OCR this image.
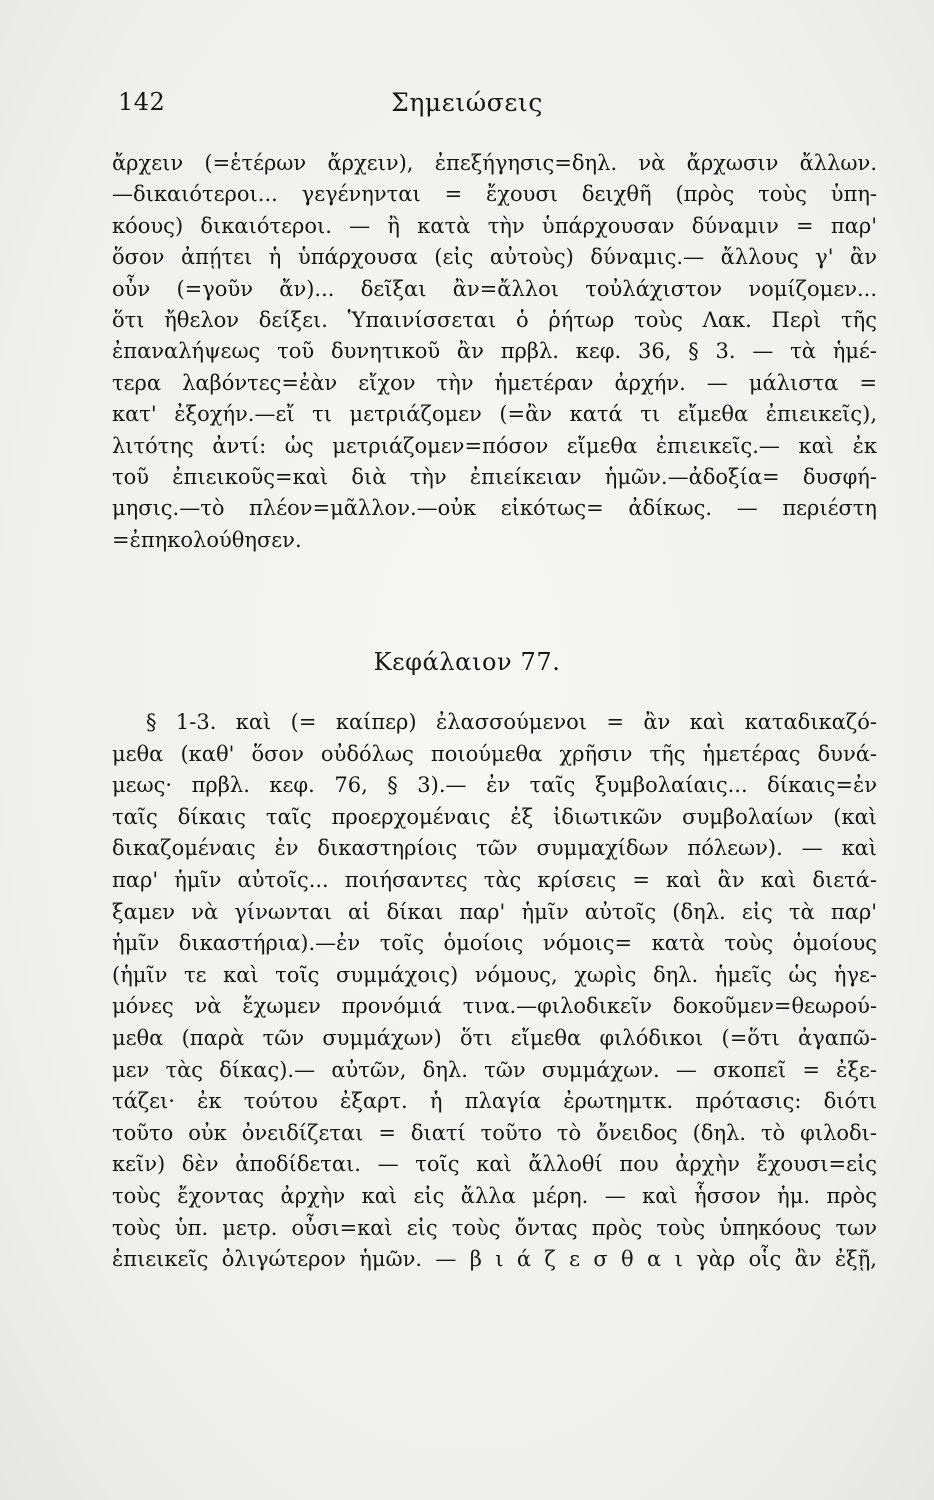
142	Σημειώσεις
ἄρχειν (=ἑτέρων ἄρχειν), ἐπεξήγησις=δηλ. νὰ ἄρχωσιν ἄλλων.
—δικαιότεροι... γεγένηνται = ἔχουσι δειχθῆ (πρὸς τοὺς ὑπη-
κόους) δικαιότεροι. — ἢ κατὰ τὴν ὑπάρχουσαν δύναμιν = παρ'
ὅσον ἀπῄτει ἡ ὑπάρχουσα (εἰς αὐτοὺς) δύναμις.— ἄλλους γ' ἂν
οὖν (=γοῦν ἄν)... δεῖξαι ἂν=ἄλλοι τοὐλάχιστον νομίζομεν...
ὅτι ἤθελον δείξει. Ὑπαινίσσεται ὁ ῥήτωρ τοὺς Λακ. Περὶ τῆς
ἐπαναλήψεως τοῦ δυνητικοῦ ἂν πρβλ. κεφ. 36, § 3. — τὰ ἡμέ-
τερα λαβόντες=ἐὰν εἴχον τὴν ἡμετέραν ἀρχήν. — μάλιστα =
κατ' ἐξοχήν.—εἴ τι μετριάζομεν (=ἂν κατά τι εἴμεθα ἐπιεικεῖς),
λιτότης ἀντί: ὡς μετριάζομεν=πόσον εἴμεθα ἐπιεικεῖς.— καὶ ἐκ
τοῦ ἐπιεικοῦς=καὶ διὰ τὴν ἐπιείκειαν ἡμῶν.—ἀδοξία= δυσφή-
μησις.—τὸ πλέον=μᾶλλον.—οὐκ εἰκότως= ἀδίκως. — περιέστη
=ἐπηκολούθησεν.
Κεφάλαιον 77.
§ 1-3. καὶ (= καίπερ) ἐλασσούμενοι = ἂν καὶ καταδικαζό-
μεθα (καθ' ὅσον οὐδόλως ποιούμεθα χρῆσιν τῆς ἡμετέρας δυνά-
μεως· πρβλ. κεφ. 76, § 3).— ἐν ταῖς ξυμβολαίαις... δίκαις=ἐν
ταῖς δίκαις ταῖς προερχομέναις ἐξ ἰδιωτικῶν συμβολαίων (καὶ
δικαζομέναις ἐν δικαστηρίοις τῶν συμμαχίδων πόλεων). — καὶ
παρ' ἡμῖν αὐτοῖς... ποιήσαντες τὰς κρίσεις = καὶ ἂν καὶ διετά-
ξαμεν νὰ γίνωνται αἱ δίκαι παρ' ἡμῖν αὐτοῖς (δηλ. εἰς τὰ παρ'
ἡμῖν δικαστήρια).—ἐν τοῖς ὁμοίοις νόμοις= κατὰ τοὺς ὁμοίους
(ἡμῖν τε καὶ τοῖς συμμάχοις) νόμους, χωρὶς δηλ. ἡμεῖς ὡς ἡγε-
μόνες νὰ ἔχωμεν προνόμιά τινα.—φιλοδικεῖν δοκοῦμεν=θεωρού-
μεθα (παρὰ τῶν συμμάχων) ὅτι εἴμεθα φιλόδικοι (=ὅτι ἀγαπῶ-
μεν τὰς δίκας).— αὐτῶν, δηλ. τῶν συμμάχων. — σκοπεῖ = ἐξε-
τάζει· ἐκ τούτου ἐξαρτ. ἡ πλαγία ἐρωτημτκ. πρότασις: διότι
τοῦτο οὐκ ὀνειδίζεται = διατί τοῦτο τὸ ὄνειδος (δηλ. τὸ φιλοδι-
κεῖν) δὲν ἀποδίδεται. — τοῖς καὶ ἄλλοθί που ἀρχὴν ἔχουσι=εἰς
τοὺς ἔχοντας ἀρχὴν καὶ εἰς ἄλλα μέρη. — καὶ ἧσσον ἡμ. πρὸς
τοὺς ὑπ. μετρ. οὖσι=καὶ εἰς τοὺς ὄντας πρὸς τοὺς ὑπηκόους των
ἐπιεικεῖς ὀλιγώτερον ἡμῶν. — β ι ά ζ ε σ θ α ι γὰρ οἷς ἂν ἐξῇ,
